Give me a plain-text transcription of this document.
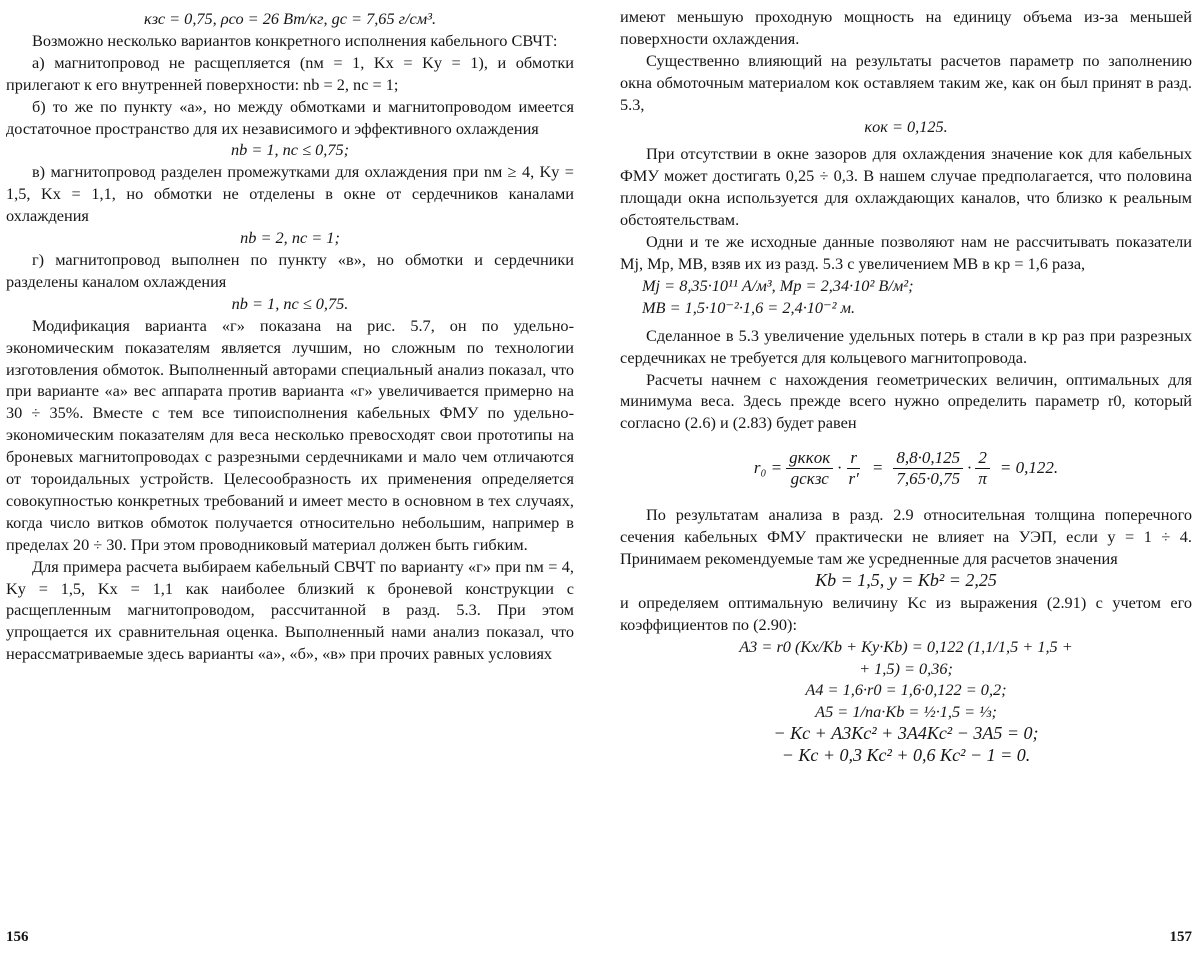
κзс = 0,75, ρсо = 26 Вт/кг, gс = 7,65 г/см³.

Возможно несколько вариантов конкретного исполнения кабельного СВЧТ:

а) магнитопровод не расщепляется (nм = 1, Kx = Ky = 1), и обмотки прилегают к его внутренней поверхности: nb = 2, nс = 1;

б) то же по пункту «а», но между обмотками и магнитопроводом имеется достаточное пространство для их независимого и эффективного охлаждения

nb = 1, nс ≤ 0,75;

в) магнитопровод разделен промежутками для охлаждения при nм ≥ 4, Ky = 1,5, Kx = 1,1, но обмотки не отделены в окне от сердечников каналами охлаждения

nb = 2, nс = 1;

г) магнитопровод выполнен по пункту «в», но обмотки и сердечники разделены каналом охлаждения

nb = 1, nс ≤ 0,75.

Модификация варианта «г» показана на рис. 5.7, он по удельно-экономическим показателям является лучшим, но сложным по технологии изготовления обмоток. Выполненный авторами специальный анализ показал, что при варианте «а» вес аппарата против варианта «г» увеличивается примерно на 30 ÷ 35%. Вместе с тем все типоисполнения кабельных ФМУ по удельно-экономическим показателям для веса несколько превосходят свои прототипы на броневых магнитопроводах с разрезными сердечниками и мало чем отличаются от тороидальных устройств. Целесообразность их применения определяется совокупностью конкретных требований и имеет место в основном в тех случаях, когда число витков обмоток получается относительно небольшим, например в пределах 20 ÷ 30. При этом проводниковый материал должен быть гибким.

Для примера расчета выбираем кабельный СВЧТ по варианту «г» при nм = 4, Ky = 1,5, Kx = 1,1 как наиболее близкий к броневой конструкции с расщепленным магнитопроводом, рассчитанной в разд. 5.3. При этом упрощается их сравнительная оценка. Выполненный нами анализ показал, что нерассматриваемые здесь варианты «а», «б», «в» при прочих равных условиях

156

имеют меньшую проходную мощность на единицу объема из-за меньшей поверхности охлаждения.

Существенно влияющий на результаты расчетов параметр по заполнению окна обмоточным материалом κок оставляем таким же, как он был принят в разд. 5.3,

κок = 0,125.

При отсутствии в окне зазоров для охлаждения значение κок для кабельных ФМУ может достигать 0,25 ÷ 0,3. В нашем случае предполагается, что половина площади окна используется для охлаждающих каналов, что близко к реальным обстоятельствам.

Одни и те же исходные данные позволяют нам не рассчитывать показатели Mj, Mp, MB, взяв их из разд. 5.3 с увеличением MB в κр = 1,6 раза,

Mj = 8,35·10¹¹ А/м³, Mp = 2,34·10² В/м²;

MB = 1,5·10⁻²·1,6 = 2,4·10⁻² м.

Сделанное в 5.3 увеличение удельных потерь в стали в κр раз при разрезных сердечниках не требуется для кольцевого магнитопровода.

Расчеты начнем с нахождения геометрических величин, оптимальных для минимума веса. Здесь прежде всего нужно определить параметр r0, который согласно (2.6) и (2.83) будет равен

$r_0 = \frac{\text{gкκок}}{\text{gсκзс}} \cdot \frac{r}{r'} = \frac{8,8\cdot 0,125}{7,65\cdot 0,75} \cdot \frac{2}{\pi} = 0,122$.

По результатам анализа в разд. 2.9 относительная толщина поперечного сечения кабельных ФМУ практически не влияет на УЭП, если y = 1 ÷ 4. Принимаем рекомендуемые там же усредненные для расчетов значения

Kb = 1,5, y = Kb² = 2,25

и определяем оптимальную величину Kс из выражения (2.91) с учетом его коэффициентов по (2.90):

A3 = r0 (Kx/Kb + Ky·Kb) = 0,122 (1,1/1,5 + 1,5 +

+ 1,5) = 0,36;

A4 = 1,6·r0 = 1,6·0,122 = 0,2;

A5 = 1/nа·Kb = ½·1,5 = ⅓;

− Kс + A3Kс² + 3A4Kс² − 3A5 = 0;

− Kс + 0,3 Kс² + 0,6 Kс² − 1 = 0.

157
